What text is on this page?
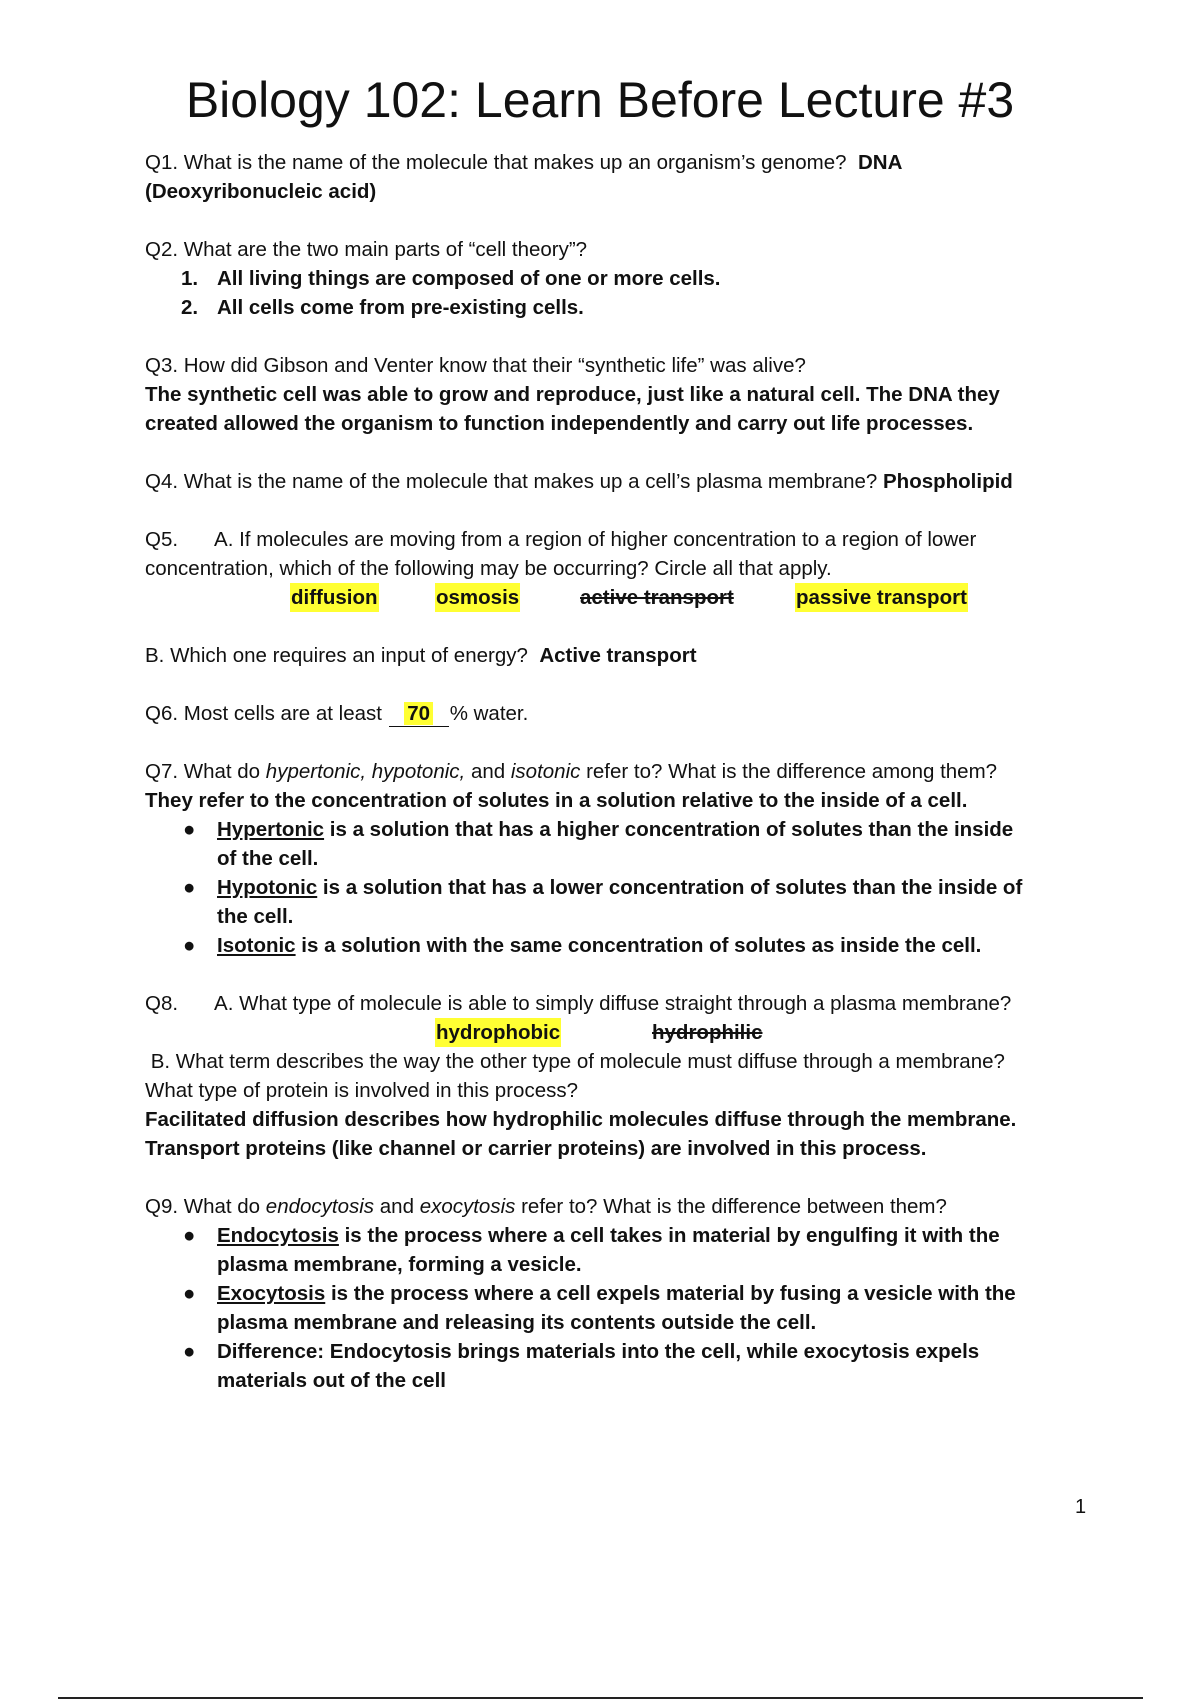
Biology 102: Learn Before Lecture #3

Q1. What is the name of the molecule that makes up an organism’s genome? DNA

(Deoxyribonucleic acid)

Q2. What are the two main parts of “cell theory”?

1. All living things are composed of one or more cells.
2. All cells come from pre-existing cells.

Q3. How did Gibson and Venter know that their “synthetic life” was alive?

The synthetic cell was able to grow and reproduce, just like a natural cell. The DNA they

created allowed the organism to function independently and carry out life processes.

Q4. What is the name of the molecule that makes up a cell’s plasma membrane? Phospholipid

Q5. A. If molecules are moving from a region of higher concentration to a region of lower

concentration, which of the following may be occurring? Circle all that apply.

diffusion	osmosis	active transport	passive transport

B. Which one requires an input of energy? Active transport

Q6. Most cells are at least 70 % water.

Q7. What do hypertonic, hypotonic, and isotonic refer to? What is the difference among them?

They refer to the concentration of solutes in a solution relative to the inside of a cell.

● Hypertonic is a solution that has a higher concentration of solutes than the inside
of the cell.
● Hypotonic is a solution that has a lower concentration of solutes than the inside of
the cell.
● Isotonic is a solution with the same concentration of solutes as inside the cell.

Q8. A. What type of molecule is able to simply diffuse straight through a plasma membrane?

hydrophobic	hydrophilic

B. What term describes the way the other type of molecule must diffuse through a membrane?

What type of protein is involved in this process?

Facilitated diffusion describes how hydrophilic molecules diffuse through the membrane.

Transport proteins (like channel or carrier proteins) are involved in this process.

Q9. What do endocytosis and exocytosis refer to? What is the difference between them?

● Endocytosis is the process where a cell takes in material by engulfing it with the
plasma membrane, forming a vesicle.
● Exocytosis is the process where a cell expels material by fusing a vesicle with the
plasma membrane and releasing its contents outside the cell.
● Difference: Endocytosis brings materials into the cell, while exocytosis expels
materials out of the cell
1
